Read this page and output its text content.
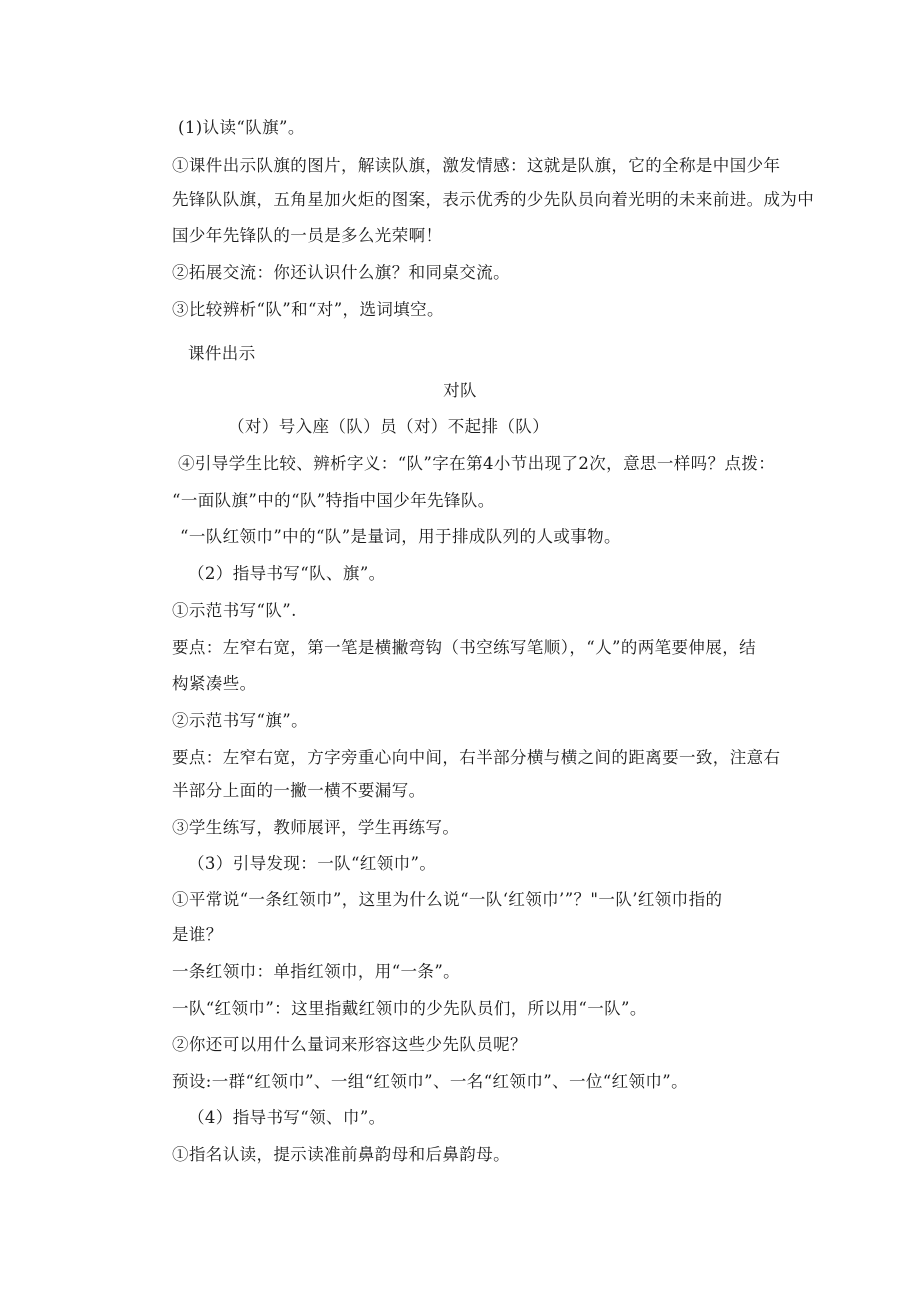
(1)认读“队旗”。
①课件出示队旗的图片，解读队旗，激发情感：这就是队旗，它的全称是中国少年
先锋队队旗，五角星加火炬的图案，表示优秀的少先队员向着光明的未来前进。成为中
国少年先锋队的一员是多么光荣啊！
②拓展交流：你还认识什么旗？和同桌交流。
③比较辨析“队”和“对”，选词填空。
课件出示
对队
（对）号入座（队）员（对）不起排（队）
④引导学生比较、辨析字义：“队”字在第4小节出现了2次，意思一样吗？点拨：
“一面队旗”中的“队”特指中国少年先锋队。
“一队红领巾”中的“队”是量词，用于排成队列的人或事物。
（2）指导书写“队、旗”。
①示范书写“队”.
要点：左窄右宽，第一笔是横撇弯钩（书空练写笔顺），“人”的两笔要伸展，结
构紧凑些。
②示范书写“旗”。
要点：左窄右宽，方字旁重心向中间，右半部分横与横之间的距离要一致，注意右
半部分上面的一撇一横不要漏写。
③学生练写，教师展评，学生再练写。
（3）引导发现：一队“红领巾”。
①平常说“一条红领巾”，这里为什么说“一队‘红领巾’”？"一队’红领巾指的
是谁？
一条红领巾：单指红领巾，用“一条”。
一队“红领巾”：这里指戴红领巾的少先队员们，所以用“一队”。
②你还可以用什么量词来形容这些少先队员呢？
预设:一群“红领巾”、一组“红领巾”、一名“红领巾”、一位“红领巾”。
（4）指导书写“领、巾”。
①指名认读，提示读准前鼻韵母和后鼻韵母。
